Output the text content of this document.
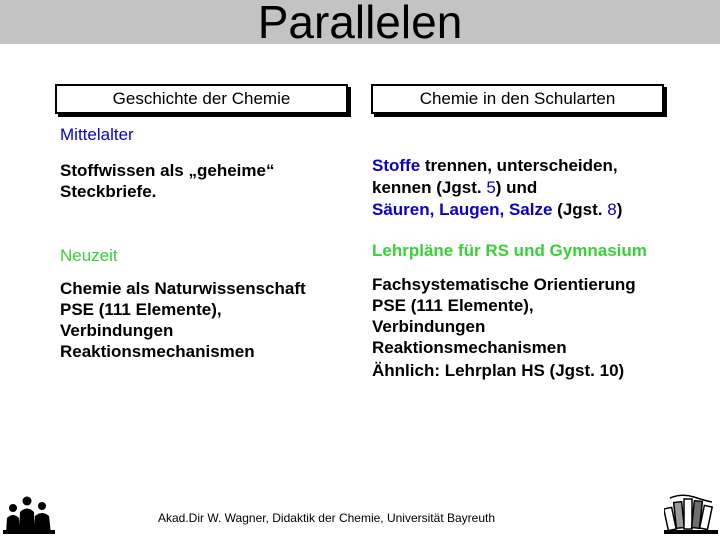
Parallelen
Geschichte der Chemie	Chemie in den Schularten
Mittelalter
Stoffwissen als „geheime“
Steckbriefe.
Neuzeit
Chemie als Naturwissenschaft
PSE (111 Elemente),
Verbindungen
Reaktionsmechanismen
Stoffe trennen, unterscheiden,
kennen (Jgst. 5) und
Säuren, Laugen, Salze (Jgst. 8)
Lehrpläne für RS und Gymnasium
Fachsystematische Orientierung
PSE (111 Elemente),
Verbindungen
Reaktionsmechanismen
Ähnlich: Lehrplan HS (Jgst. 10)
Akad.Dir W. Wagner, Didaktik der Chemie, Universität Bayreuth
